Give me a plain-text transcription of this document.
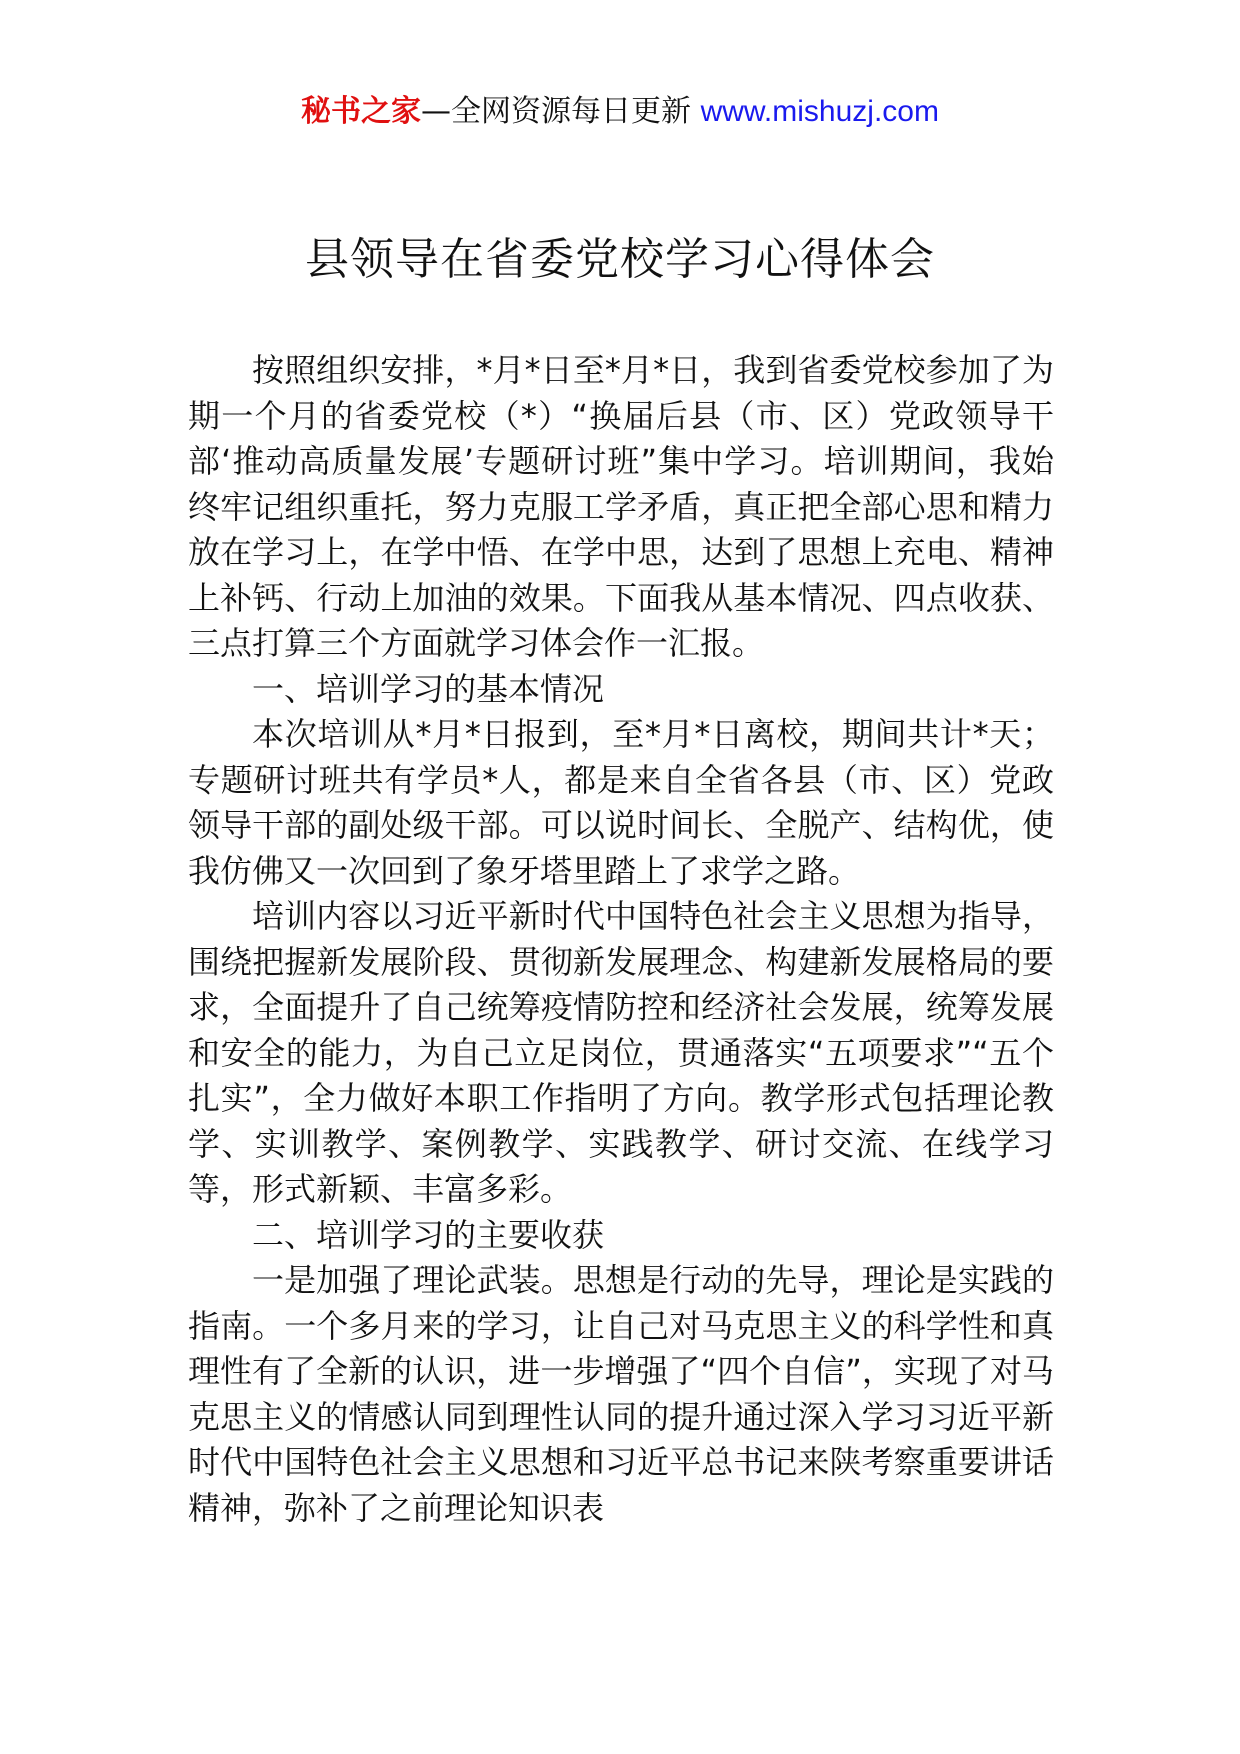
秘书之家—全网资源每日更新 www.mishuzj.com
县领导在省委党校学习心得体会

按照组织安排，*月*日至*月*日，我到省委党校参加了为期一个月的省委党校（*）“换届后县（市、区）党政领导干部‘推动高质量发展’专题研讨班”集中学习。培训期间，我始终牢记组织重托，努力克服工学矛盾，真正把全部心思和精力放在学习上，在学中悟、在学中思，达到了思想上充电、精神上补钙、行动上加油的效果。下面我从基本情况、四点收获、三点打算三个方面就学习体会作一汇报。

一、培训学习的基本情况

本次培训从*月*日报到，至*月*日离校，期间共计*天；专题研讨班共有学员*人，都是来自全省各县（市、区）党政领导干部的副处级干部。可以说时间长、全脱产、结构优，使我仿佛又一次回到了象牙塔里踏上了求学之路。

培训内容以习近平新时代中国特色社会主义思想为指导，围绕把握新发展阶段、贯彻新发展理念、构建新发展格局的要求，全面提升了自己统筹疫情防控和经济社会发展，统筹发展和安全的能力，为自己立足岗位，贯通落实“五项要求”“五个扎实”，全力做好本职工作指明了方向。教学形式包括理论教学、实训教学、案例教学、实践教学、研讨交流、在线学习等，形式新颖、丰富多彩。

二、培训学习的主要收获

一是加强了理论武装。思想是行动的先导，理论是实践的指南。一个多月来的学习，让自己对马克思主义的科学性和真理性有了全新的认识，进一步增强了“四个自信”，实现了对马克思主义的情感认同到理性认同的提升通过深入学习习近平新时代中国特色社会主义思想和习近平总书记来陕考察重要讲话精神，弥补了之前理论知识表
